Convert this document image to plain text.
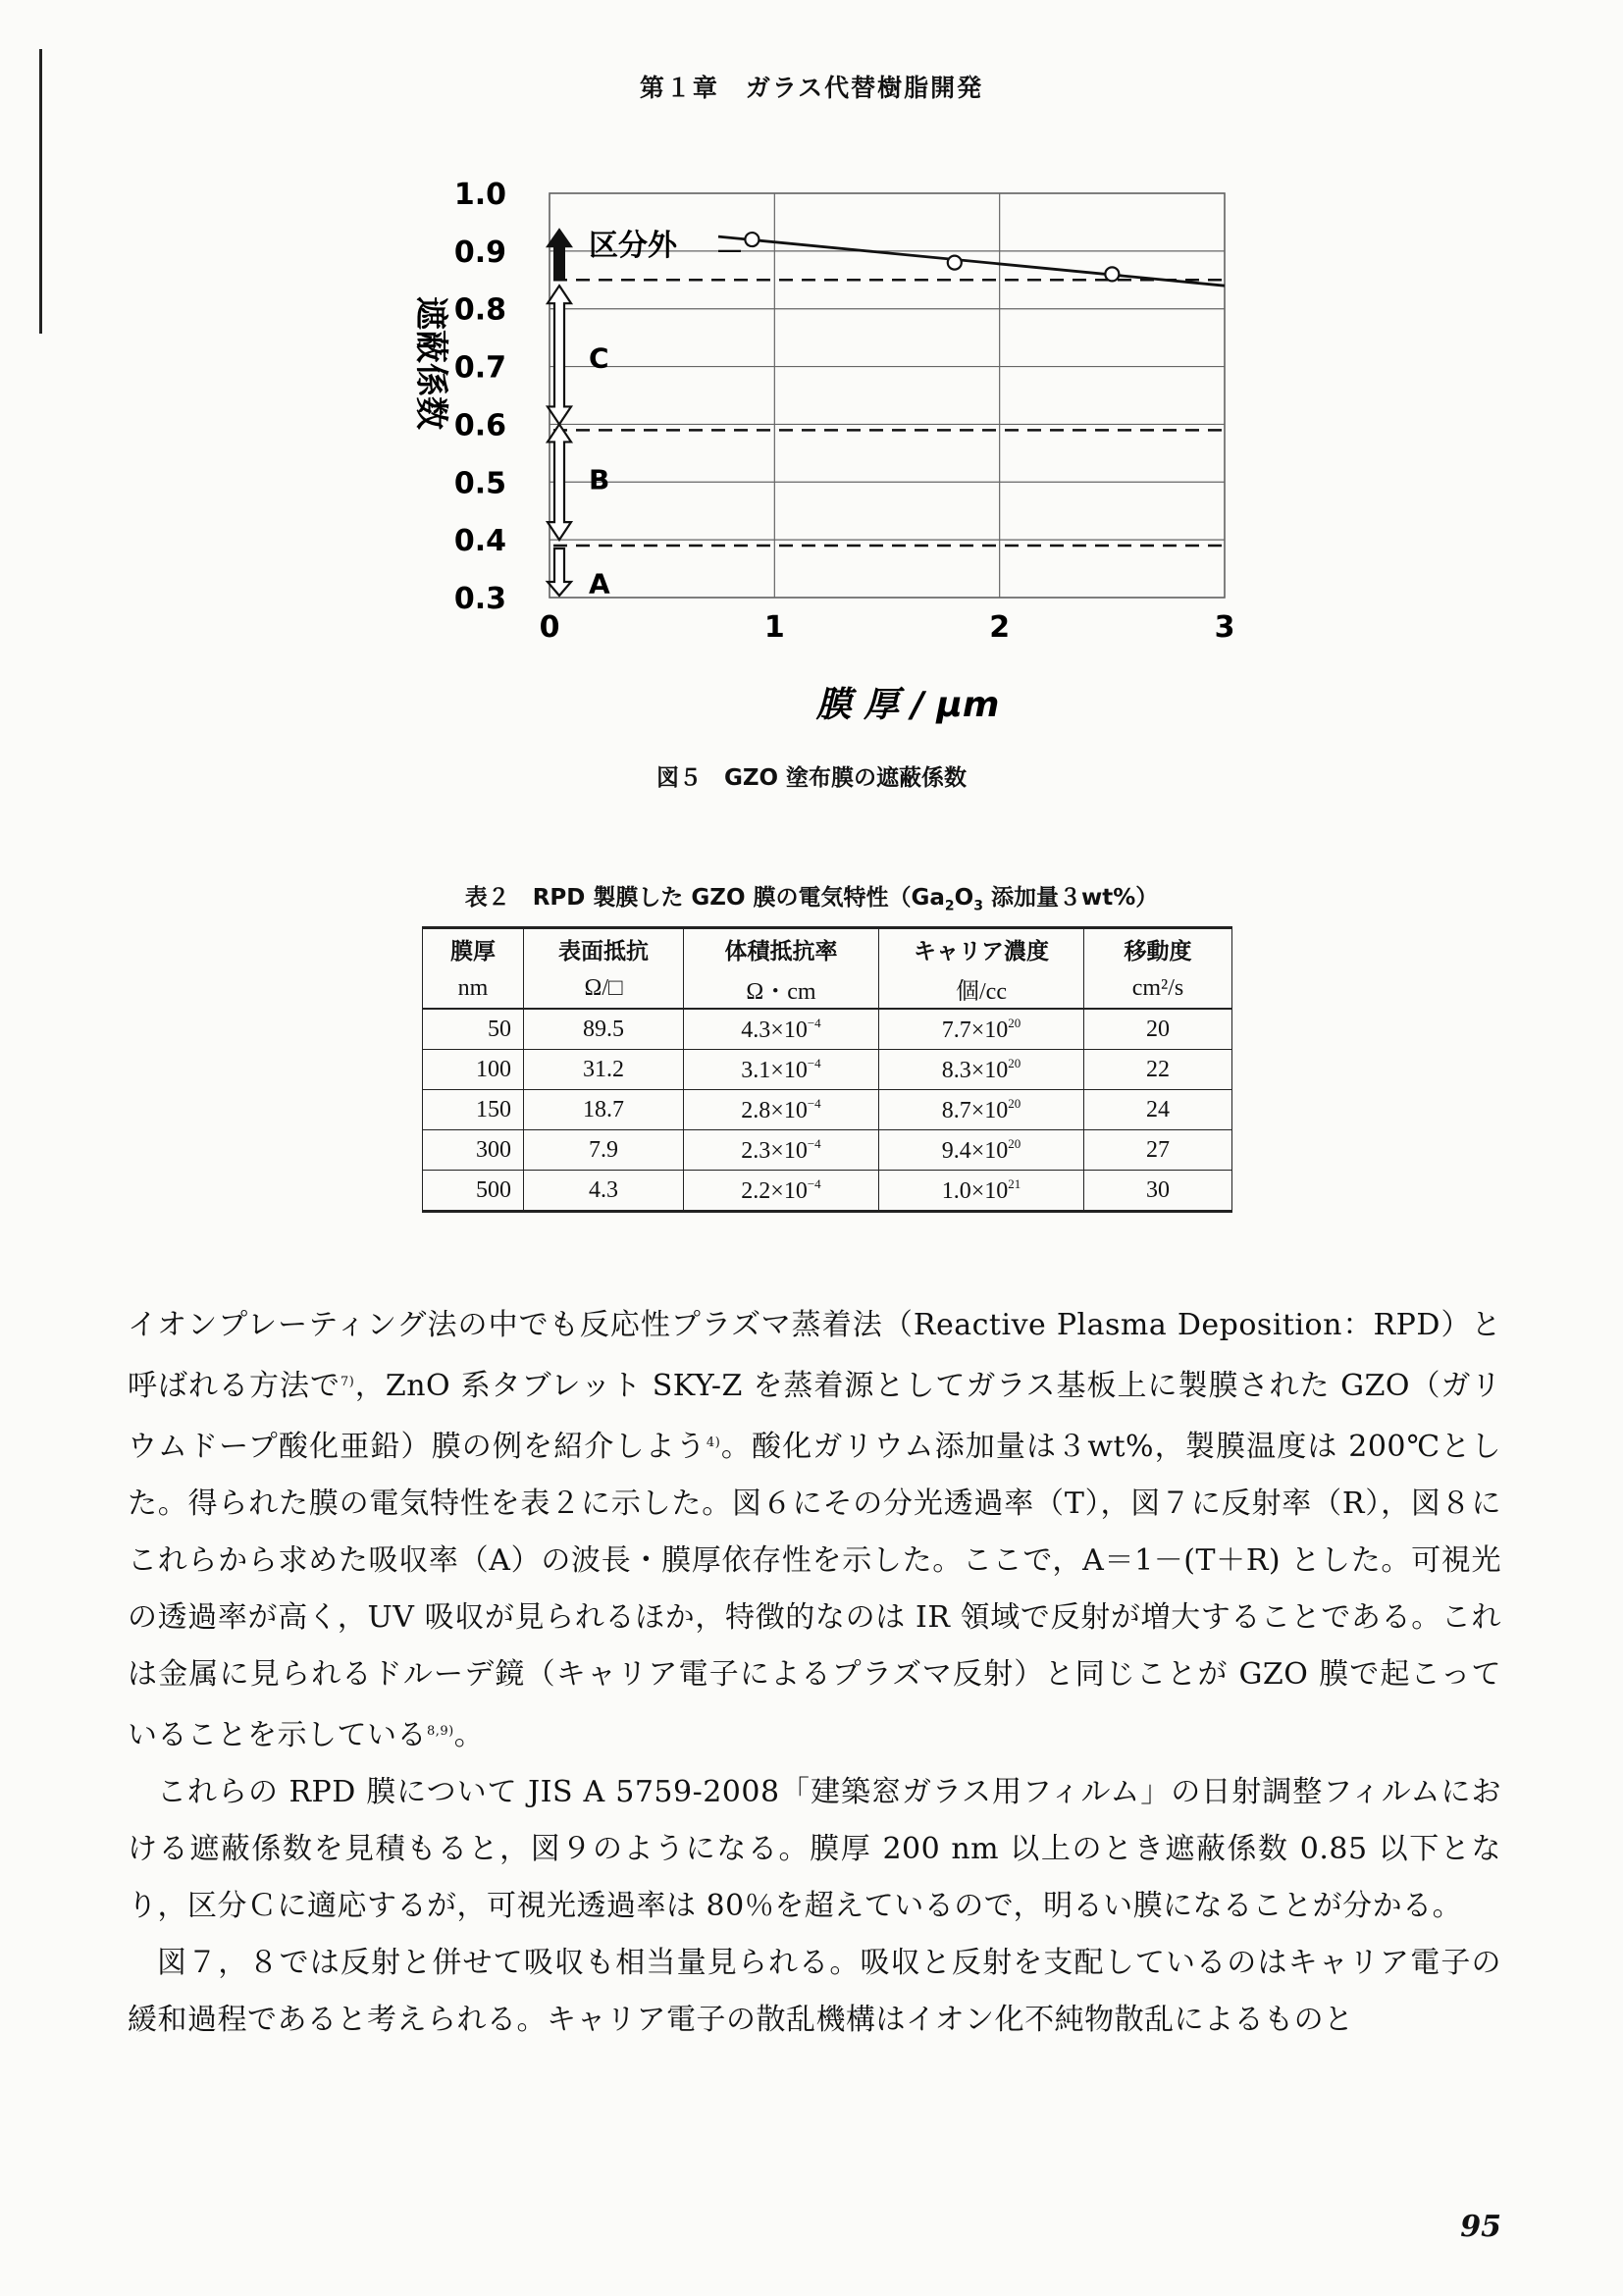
第１章　ガラス代替樹脂開発
区分外
C
B
A
0.3
0.4
0.5
0.6
0.7
0.8
0.9
1.0
0	1	2	3
遮蔽係数
膜 厚 / μm
図５　GZO 塗布膜の遮蔽係数
表２　RPD 製膜した GZO 膜の電気特性（$Ga_2O_3$ 添加量３wt%）
膜厚	表面抵抗	体積抵抗率	キャリア濃度	移動度
nm	Ω/□	Ω・cm	個/cc	cm²/s
50	89.5	$4.3\times 10^{-4}$	$7.7\times 10^{20}$	20
100	31.2	$3.1\times 10^{-4}$	$8.3\times 10^{20}$	22
150	18.7	$2.8\times 10^{-4}$	$8.7\times 10^{20}$	24
300	7.9	$2.3\times 10^{-4}$	$9.4\times 10^{20}$	27
500	4.3	$2.2\times 10^{-4}$	$1.0\times 10^{21}$	30

イオンプレーティング法の中でも反応性プラズマ蒸着法（Reactive Plasma Deposition：RPD）と呼ばれる方法で$^{7)}$，ZnO 系タブレット SKY-Z を蒸着源としてガラス基板上に製膜された GZO（ガリウムドープ酸化亜鉛）膜の例を紹介しよう$^{4)}$。酸化ガリウム添加量は３wt%，製膜温度は 200℃とした。得られた膜の電気特性を表２に示した。図６にその分光透過率（T），図７に反射率（R），図８にこれらから求めた吸収率（A）の波長・膜厚依存性を示した。ここで，A＝1－(T＋R) とした。可視光の透過率が高く，UV 吸収が見られるほか，特徴的なのは IR 領域で反射が増大することである。これは金属に見られるドルーデ鏡（キャリア電子によるプラズマ反射）と同じことが GZO 膜で起こっていることを示している$^{8,9)}$。

これらの RPD 膜について JIS A 5759-2008「建築窓ガラス用フィルム」の日射調整フィルムにおける遮蔽係数を見積もると，図９のようになる。膜厚 200 nm 以上のとき遮蔽係数 0.85 以下となり，区分Ｃに適応するが，可視光透過率は 80％を超えているので，明るい膜になることが分かる。

図７，８では反射と併せて吸収も相当量見られる。吸収と反射を支配しているのはキャリア電子の緩和過程であると考えられる。キャリア電子の散乱機構はイオン化不純物散乱によるものと

95
